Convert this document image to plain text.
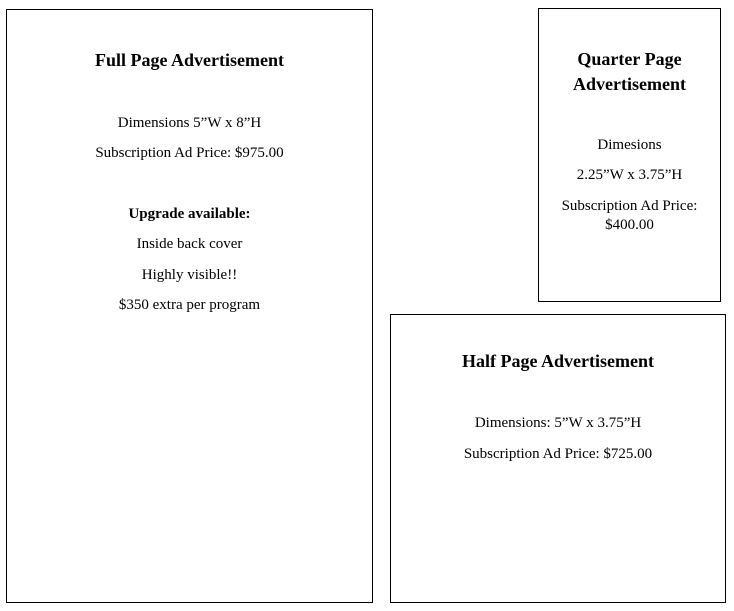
Full Page Advertisement

Dimensions 5”W x 8”H

Subscription Ad Price: $975.00

Upgrade available:

Inside back cover

Highly visible!!

$350 extra per program

Quarter Page Advertisement

Dimesions

2.25”W x 3.75”H

Subscription Ad Price: $400.00

Half Page Advertisement

Dimensions: 5”W x 3.75”H

Subscription Ad Price: $725.00
